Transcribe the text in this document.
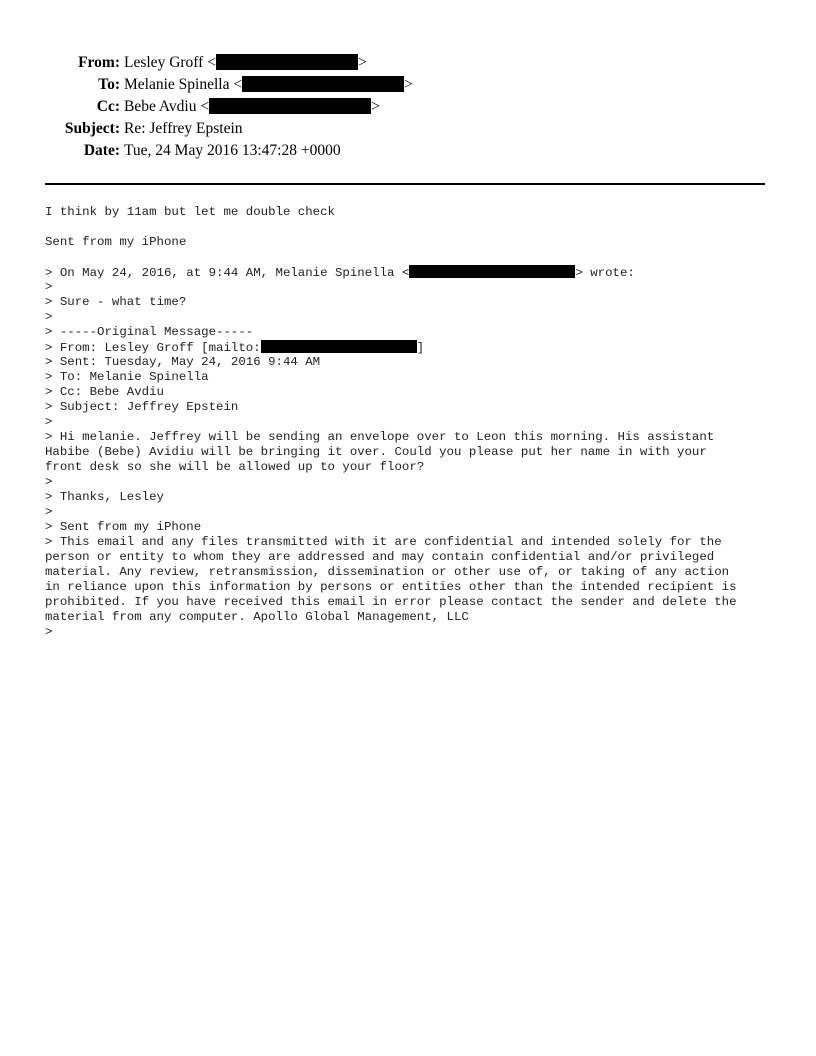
From: Lesley Groff <	>
To: Melanie Spinella <	>
Cc: Bebe Avdiu <	>
Subject: Re: Jeffrey Epstein
Date: Tue, 24 May 2016 13:47:28 +0000
I think by 11am but let me double check
Sent from my iPhone
> On May 24, 2016, at 9:44 AM, Melanie Spinella <	> wrote:
>
> Sure - what time?
>
> -----Original Message-----
> From: Lesley Groff [mailto:	]
> Sent: Tuesday, May 24, 2016 9:44 AM
> To: Melanie Spinella
> Cc: Bebe Avdiu
> Subject: Jeffrey Epstein
>
> Hi melanie. Jeffrey will be sending an envelope over to Leon this morning. His assistant
Habibe (Bebe) Avidiu will be bringing it over. Could you please put her name in with your
front desk so she will be allowed up to your floor?
>
> Thanks, Lesley
>
> Sent from my iPhone
> This email and any files transmitted with it are confidential and intended solely for the
person or entity to whom they are addressed and may contain confidential and/or privileged
material. Any review, retransmission, dissemination or other use of, or taking of any action
in reliance upon this information by persons or entities other than the intended recipient is
prohibited. If you have received this email in error please contact the sender and delete the
material from any computer. Apollo Global Management, LLC
>
